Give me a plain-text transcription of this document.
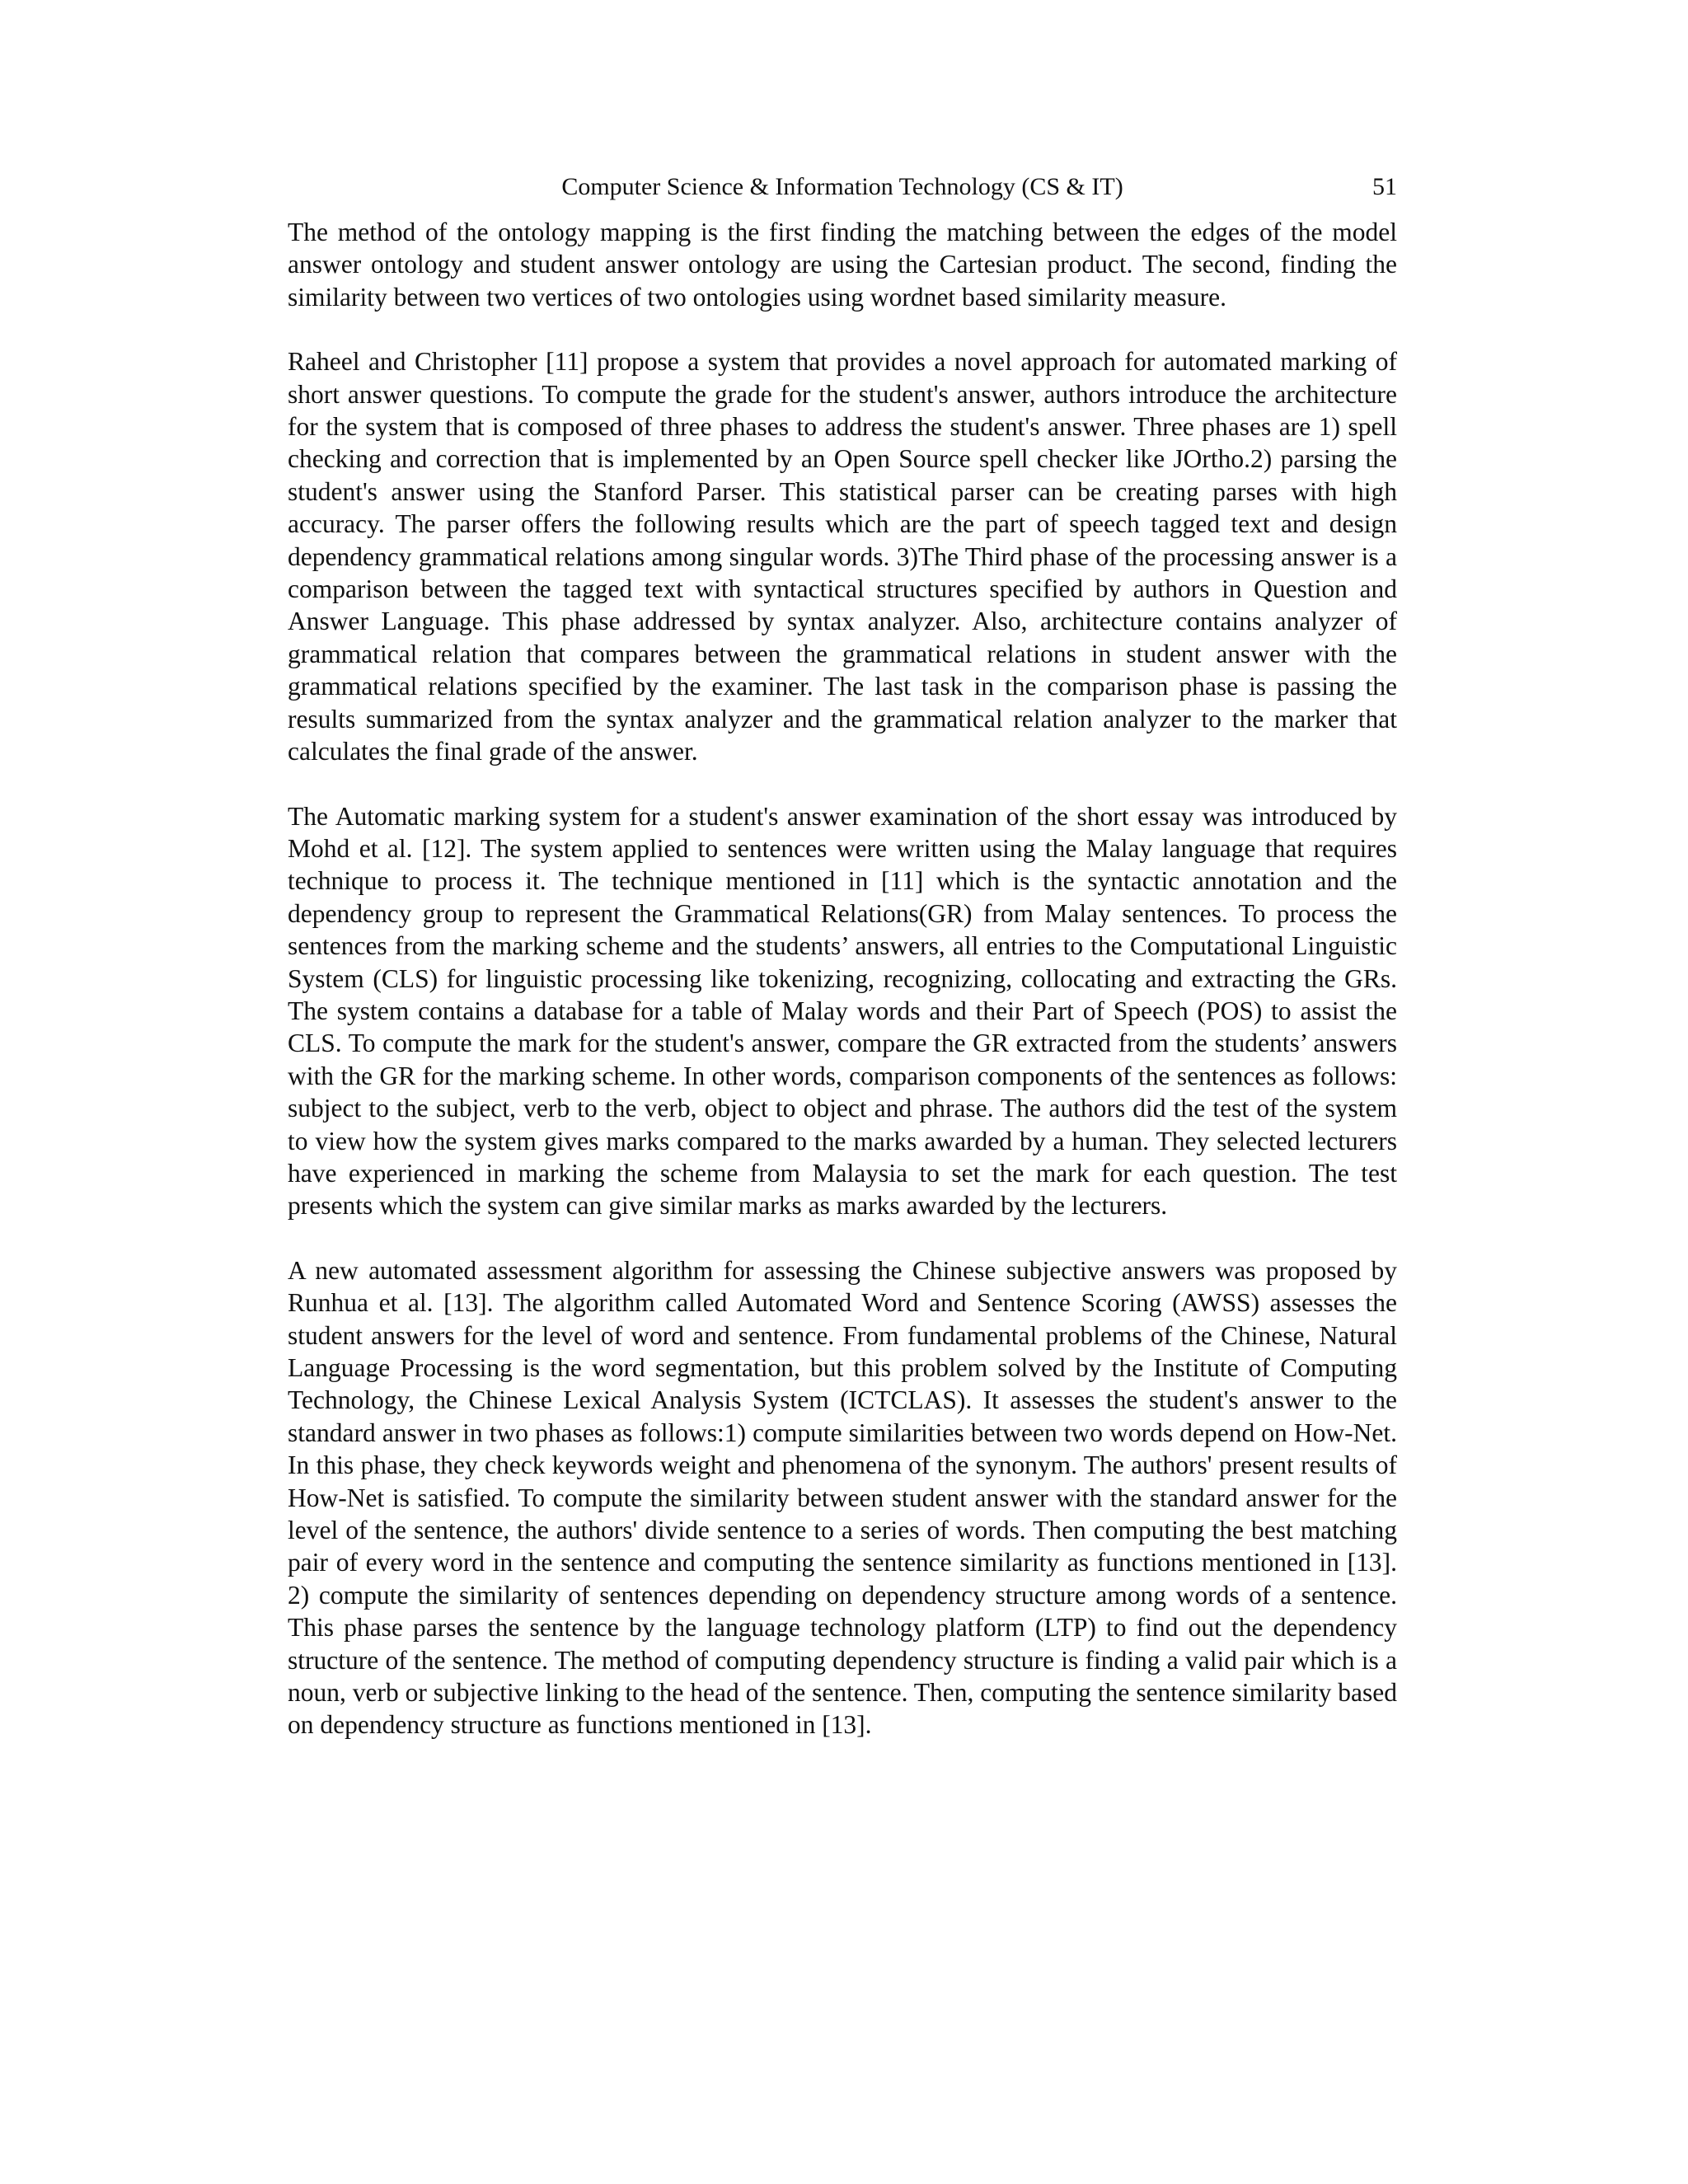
Computer Science & Information Technology (CS & IT)	51

The method of the ontology mapping is the first finding the matching between the edges of the model answer ontology and student answer ontology are using the Cartesian product. The second, finding the similarity between two vertices of two ontologies using wordnet based similarity measure.

Raheel and Christopher [11] propose a system that provides a novel approach for automated marking of short answer questions. To compute the grade for the student's answer, authors introduce the architecture for the system that is composed of three phases to address the student's answer. Three phases are 1) spell checking and correction that is implemented by an Open Source spell checker like JOrtho.2) parsing the student's answer using the Stanford Parser. This statistical parser can be creating parses with high accuracy. The parser offers the following results which are the part of speech tagged text and design dependency grammatical relations among singular words. 3)The Third phase of the processing answer is a comparison between the tagged text with syntactical structures specified by authors in Question and Answer Language. This phase addressed by syntax analyzer. Also, architecture contains analyzer of grammatical relation that compares between the grammatical relations in student answer with the grammatical relations specified by the examiner. The last task in the comparison phase is passing the results summarized from the syntax analyzer and the grammatical relation analyzer to the marker that calculates the final grade of the answer.

The Automatic marking system for a student's answer examination of the short essay was introduced by Mohd et al. [12]. The system applied to sentences were written using the Malay language that requires technique to process it. The technique mentioned in [11] which is the syntactic annotation and the dependency group to represent the Grammatical Relations(GR) from Malay sentences. To process the sentences from the marking scheme and the students’ answers, all entries to the Computational Linguistic System (CLS) for linguistic processing like tokenizing, recognizing, collocating and extracting the GRs. The system contains a database for a table of Malay words and their Part of Speech (POS) to assist the CLS. To compute the mark for the student's answer, compare the GR extracted from the students’ answers with the GR for the marking scheme. In other words, comparison components of the sentences as follows: subject to the subject, verb to the verb, object to object and phrase. The authors did the test of the system to view how the system gives marks compared to the marks awarded by a human. They selected lecturers have experienced in marking the scheme from Malaysia to set the mark for each question. The test presents which the system can give similar marks as marks awarded by the lecturers.

A new automated assessment algorithm for assessing the Chinese subjective answers was proposed by Runhua et al. [13]. The algorithm called Automated Word and Sentence Scoring (AWSS) assesses the student answers for the level of word and sentence. From fundamental problems of the Chinese, Natural Language Processing is the word segmentation, but this problem solved by the Institute of Computing Technology, the Chinese Lexical Analysis System (ICTCLAS). It assesses the student's answer to the standard answer in two phases as follows:1) compute similarities between two words depend on How-Net. In this phase, they check keywords weight and phenomena of the synonym. The authors' present results of How-Net is satisfied. To compute the similarity between student answer with the standard answer for the level of the sentence, the authors' divide sentence to a series of words. Then computing the best matching pair of every word in the sentence and computing the sentence similarity as functions mentioned in [13]. 2) compute the similarity of sentences depending on dependency structure among words of a sentence. This phase parses the sentence by the language technology platform (LTP) to find out the dependency structure of the sentence. The method of computing dependency structure is finding a valid pair which is a noun, verb or subjective linking to the head of the sentence. Then, computing the sentence similarity based on dependency structure as functions mentioned in [13].
